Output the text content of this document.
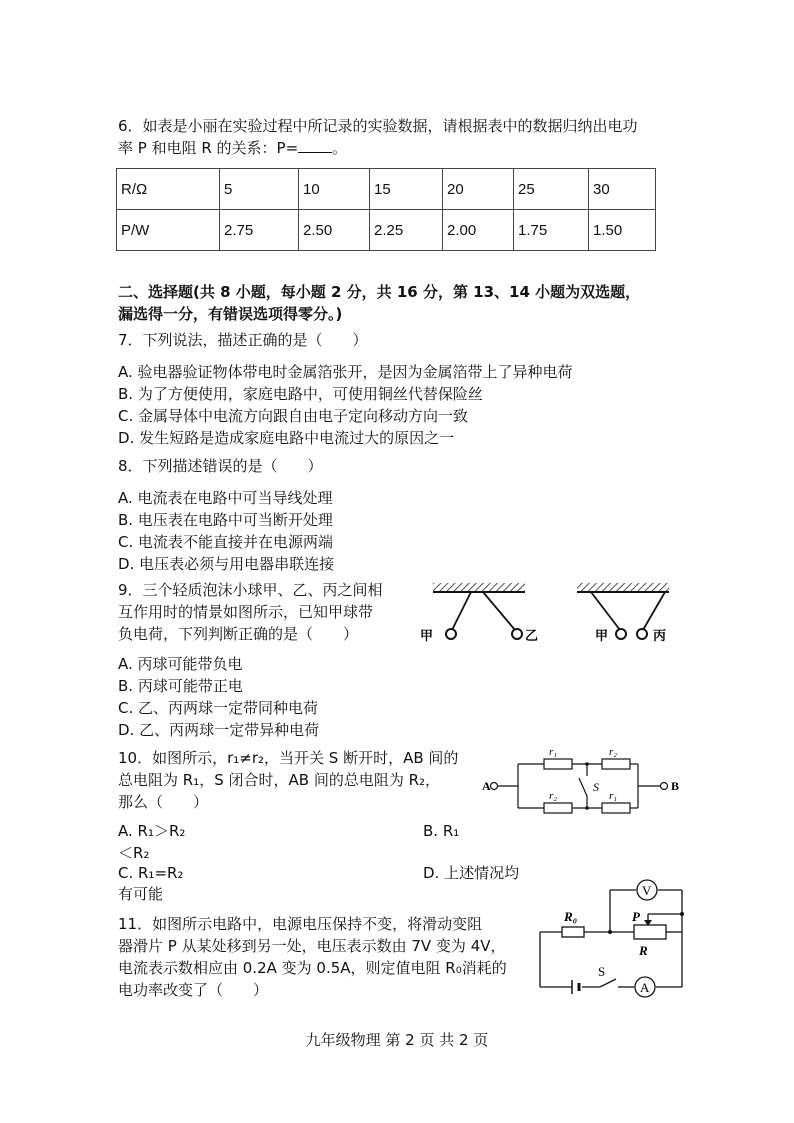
6．如表是小丽在实验过程中所记录的实验数据，请根据表中的数据归纳出电功
率 P 和电阻 R 的关系：P= 。
R/Ω	5	10	15	20	25	30
P/W	2.75	2.50	2.25	2.00	1.75	1.50
二、选择题(共 8 小题，每小题 2 分，共 16 分，第 13、14 小题为双选题，
漏选得一分，有错误选项得零分。)
7．下列说法，描述正确的是（　　）
A. 验电器验证物体带电时金属箔张开，是因为金属箔带上了异种电荷
B. 为了方便使用，家庭电路中，可使用铜丝代替保险丝
C. 金属导体中电流方向跟自由电子定向移动方向一致
D. 发生短路是造成家庭电路中电流过大的原因之一
8．下列描述错误的是（　　）
A. 电流表在电路中可当导线处理
B. 电压表在电路中可当断开处理
C. 电流表不能直接并在电源两端
D. 电压表必须与用电器串联连接
9．三个轻质泡沫小球甲、乙、丙之间相
互作用时的情景如图所示，已知甲球带
负电荷，下列判断正确的是（　　）
A. 丙球可能带负电
B. 丙球可能带正电
C. 乙、丙两球一定带同种电荷
D. 乙、丙两球一定带异种电荷
甲	乙	甲	丙
10．如图所示，r₁≠r₂，当开关 S 断开时，AB 间的
总电阻为 R₁，S 闭合时，AB 间的总电阻为 R₂，
那么（　　）
A. R₁＞R₂	B. R₁
＜R₂
C. R₁=R₂	D. 上述情况均
有可能
A	B
S
r₁	r₂
r₂	r₁
11．如图所示电路中，电源电压保持不变，将滑动变阻
器滑片 P 从某处移到另一处，电压表示数由 7V 变为 4V，
电流表示数相应由 0.2A 变为 0.5A，则定值电阻 R₀消耗的
电功率改变了（　　）
V
A
R₀	P
R
S
九年级物理 第 2 页 共 2 页
